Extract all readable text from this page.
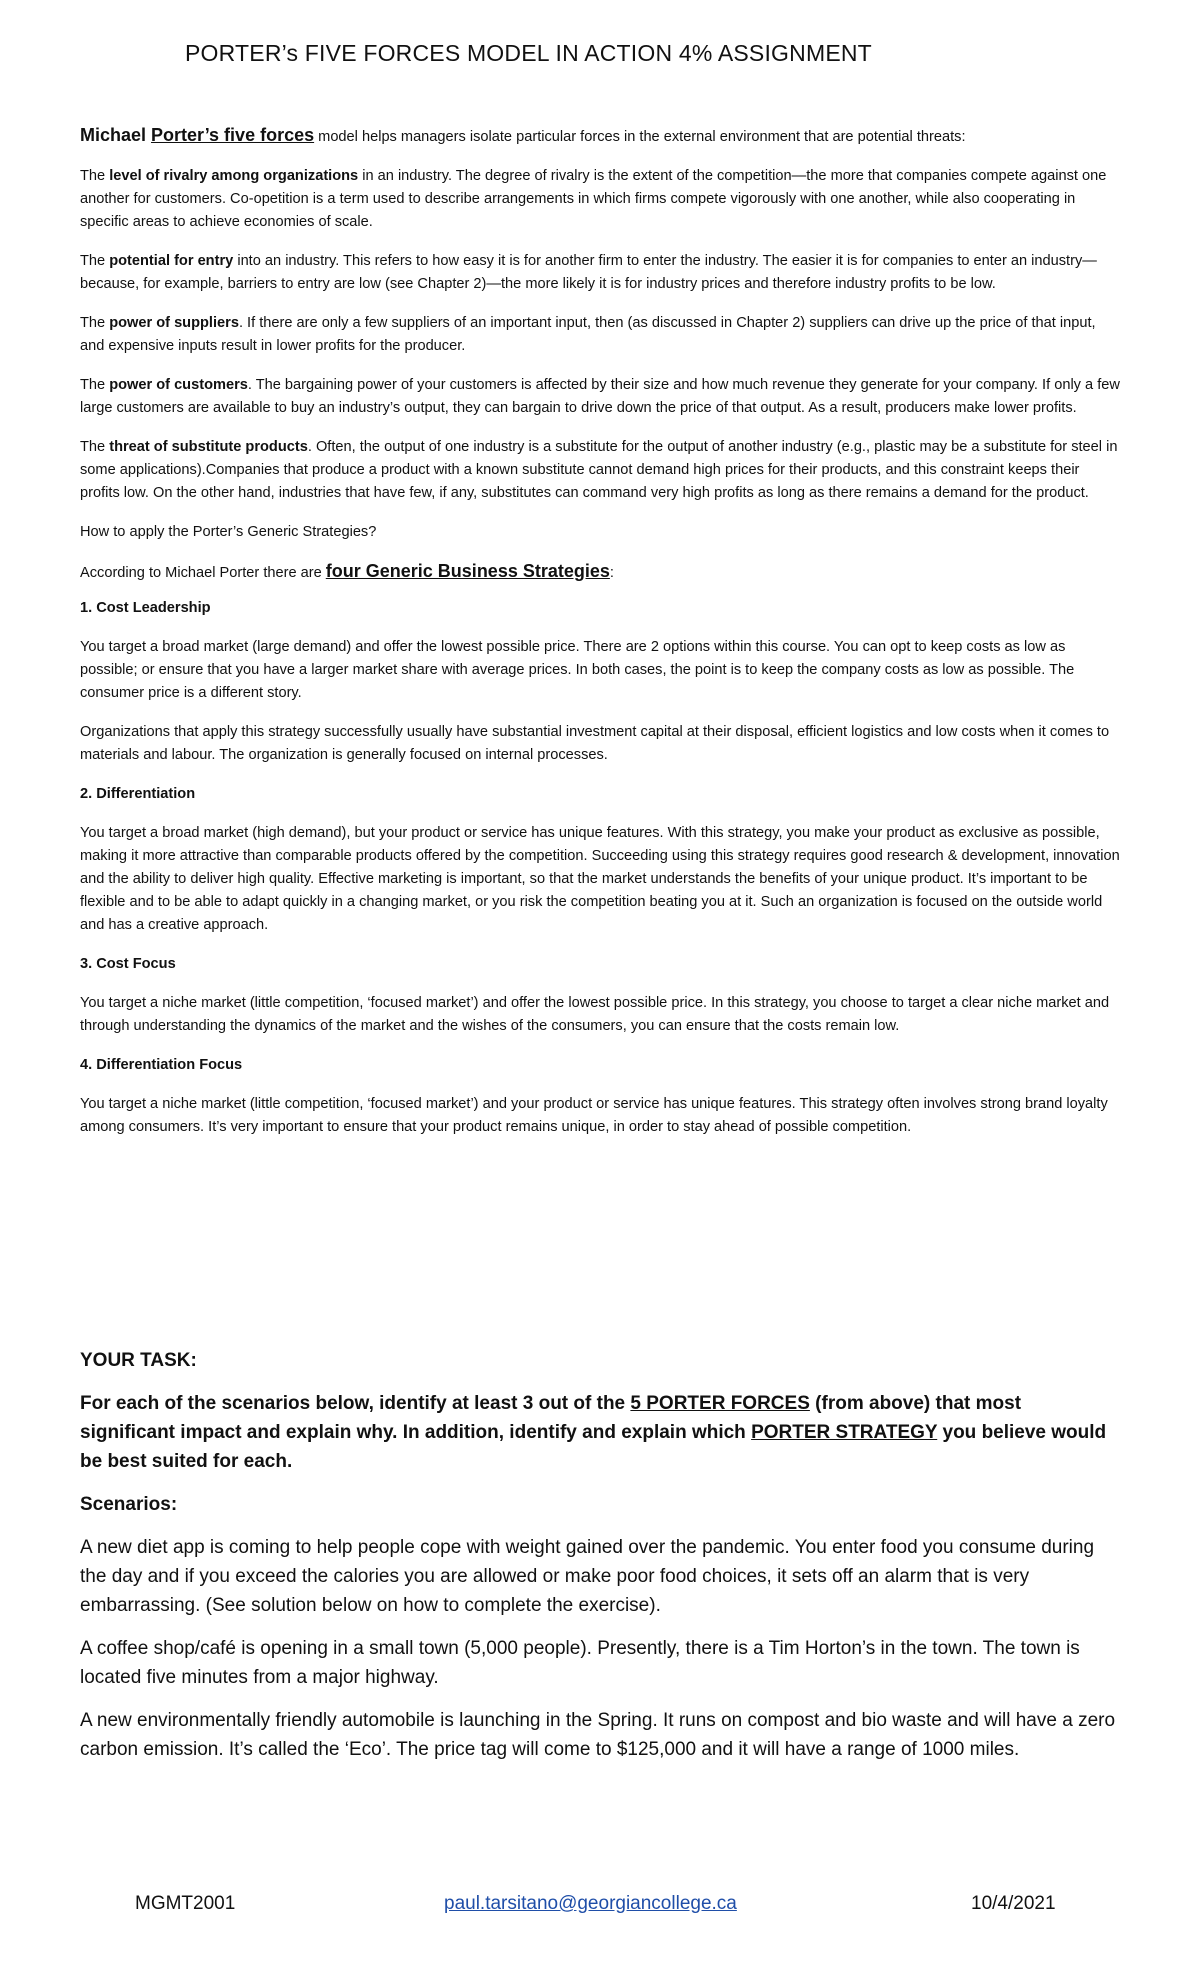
PORTER’s FIVE FORCES MODEL IN ACTION 4% ASSIGNMENT

Michael Porter’s five forces model helps managers isolate particular forces in the external environment that are potential threats:

The level of rivalry among organizations in an industry. The degree of rivalry is the extent of the competition—the more that companies compete against one another for customers. Co-opetition is a term used to describe arrangements in which firms compete vigorously with one another, while also cooperating in specific areas to achieve economies of scale.

The potential for entry into an industry. This refers to how easy it is for another firm to enter the industry. The easier it is for companies to enter an industry—because, for example, barriers to entry are low (see Chapter 2)—the more likely it is for industry prices and therefore industry profits to be low.

The power of suppliers. If there are only a few suppliers of an important input, then (as discussed in Chapter 2) suppliers can drive up the price of that input, and expensive inputs result in lower profits for the producer.

The power of customers. The bargaining power of your customers is affected by their size and how much revenue they generate for your company. If only a few large customers are available to buy an industry’s output, they can bargain to drive down the price of that output. As a result, producers make lower profits.

The threat of substitute products. Often, the output of one industry is a substitute for the output of another industry (e.g., plastic may be a substitute for steel in some applications).Companies that produce a product with a known substitute cannot demand high prices for their products, and this constraint keeps their profits low. On the other hand, industries that have few, if any, substitutes can command very high profits as long as there remains a demand for the product.

How to apply the Porter’s Generic Strategies?

According to Michael Porter there are four Generic Business Strategies:

1. Cost Leadership

You target a broad market (large demand) and offer the lowest possible price. There are 2 options within this course. You can opt to keep costs as low as possible; or ensure that you have a larger market share with average prices. In both cases, the point is to keep the company costs as low as possible. The consumer price is a different story.

Organizations that apply this strategy successfully usually have substantial investment capital at their disposal, efficient logistics and low costs when it comes to materials and labour. The organization is generally focused on internal processes.

2. Differentiation

You target a broad market (high demand), but your product or service has unique features. With this strategy, you make your product as exclusive as possible, making it more attractive than comparable products offered by the competition. Succeeding using this strategy requires good research & development, innovation and the ability to deliver high quality. Effective marketing is important, so that the market understands the benefits of your unique product. It’s important to be flexible and to be able to adapt quickly in a changing market, or you risk the competition beating you at it. Such an organization is focused on the outside world and has a creative approach.

3. Cost Focus

You target a niche market (little competition, ‘focused market’) and offer the lowest possible price. In this strategy, you choose to target a clear niche market and through understanding the dynamics of the market and the wishes of the consumers, you can ensure that the costs remain low.

4. Differentiation Focus

You target a niche market (little competition, ‘focused market’) and your product or service has unique features. This strategy often involves strong brand loyalty among consumers. It’s very important to ensure that your product remains unique, in order to stay ahead of possible competition.

YOUR TASK:

For each of the scenarios below, identify at least 3 out of the 5 PORTER FORCES (from above) that most significant impact and explain why. In addition, identify and explain which PORTER STRATEGY you believe would be best suited for each.

Scenarios:

A new diet app is coming to help people cope with weight gained over the pandemic. You enter food you consume during the day and if you exceed the calories you are allowed or make poor food choices, it sets off an alarm that is very embarrassing. (See solution below on how to complete the exercise).

A coffee shop/café is opening in a small town (5,000 people). Presently, there is a Tim Horton’s in the town. The town is located five minutes from a major highway.

A new environmentally friendly automobile is launching in the Spring. It runs on compost and bio waste and will have a zero carbon emission. It’s called the ‘Eco’. The price tag will come to $125,000 and it will have a range of 1000 miles.

MGMT2001	paul.tarsitano@georgiancollege.ca	10/4/2021
